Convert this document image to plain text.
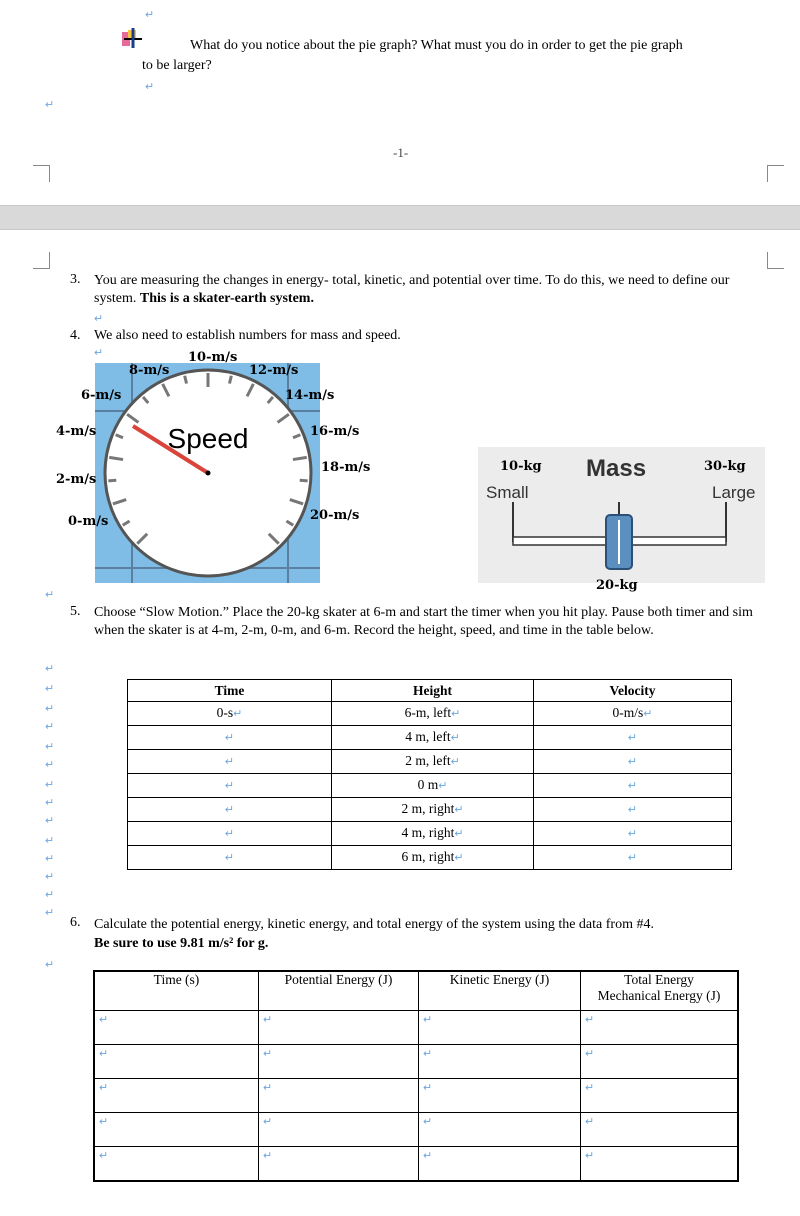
What do you notice about the pie graph? What must you do in order to get the pie graph
to be larger?
-1-
3. You are measuring the changes in energy- total, kinetic, and potential over time. To do this, we need to define our system. This is a skater-earth system.
4. We also need to establish numbers for mass and speed.
Speed
0-m/s
2-m/s
4-m/s
6-m/s
8-m/s
10-m/s
12-m/s
14-m/s
16-m/s
18-m/s
20-m/s
10-kg
Small
Mass	30-kg
Large
20-kg
5. Choose “Slow Motion.” Place the 20-kg skater at 6-m and start the timer when you hit play. Pause both timer and sim when the skater is at 4-m, 2-m, 0-m, and 6-m. Record the height, speed, and time in the table below.
↵
↵
↵
↵
↵
↵
↵
↵
↵
↵
↵
↵
↵
↵
↵
↵
↵
↵
↵
↵
↵
Time	Height	Velocity
0-s↵	6-m, left↵	0-m/s↵
↵	4 m, left↵	↵
↵	2 m, left↵	↵
↵	0 m↵	↵
↵	2 m, right↵	↵
↵	4 m, right↵	↵
↵	6 m, right↵	↵
6. Calculate the potential energy, kinetic energy, and total energy of the system using the data from #4.
Be sure to use 9.81 m/s² for g.
Time (s)	Potential Energy (J)	Kinetic Energy (J)	Total Energy
Mechanical Energy (J)
↵	↵	↵	↵
↵	↵	↵	↵
↵	↵	↵	↵
↵	↵	↵	↵
↵	↵	↵	↵
